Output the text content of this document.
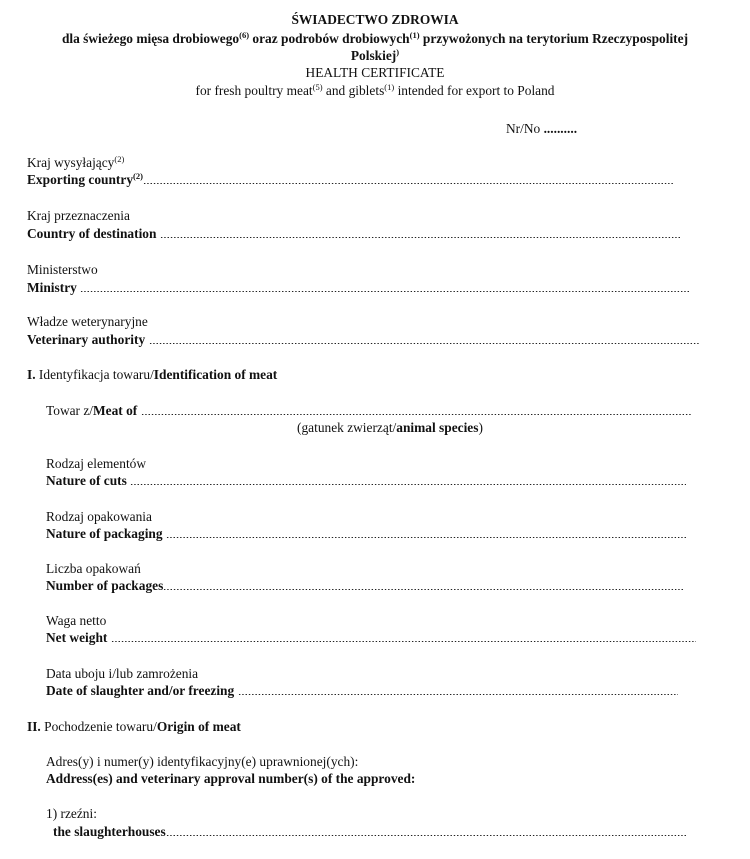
ŚWIADECTWO ZDROWIA
dla świeżego mięsa drobiowego$^{(6)}$ oraz podrobów drobiowych$^{(1)}$ przywożonych na terytorium Rzeczypospolitej
Polskiej)
HEALTH CERTIFICATE
for fresh poultry meat$^{(5)}$ and giblets$^{(1)}$ intended for export to Poland
Nr/No ..........
Kraj wysyłający$^{(2)}$
Exporting country$^{(2)}$
Kraj przeznaczenia
Country of destination
Ministerstwo
Ministry
Władze weterynaryjne
Veterinary authority
I. Identyfikacja towaru/Identification of meat
Towar z/Meat of
(gatunek zwierząt/animal species)
Rodzaj elementów
Nature of cuts
Rodzaj opakowania
Nature of packaging
Liczba opakowań
Number of packages
Waga netto
Net weight
Data uboju i/lub zamrożenia
Date of slaughter and/or freezing
II. Pochodzenie towaru/Origin of meat
Adres(y) i numer(y) identyfikacyjny(e) uprawnionej(ych):
Address(es) and veterinary approval number(s) of the approved:
1) rzeźni:
the slaughterhouses
